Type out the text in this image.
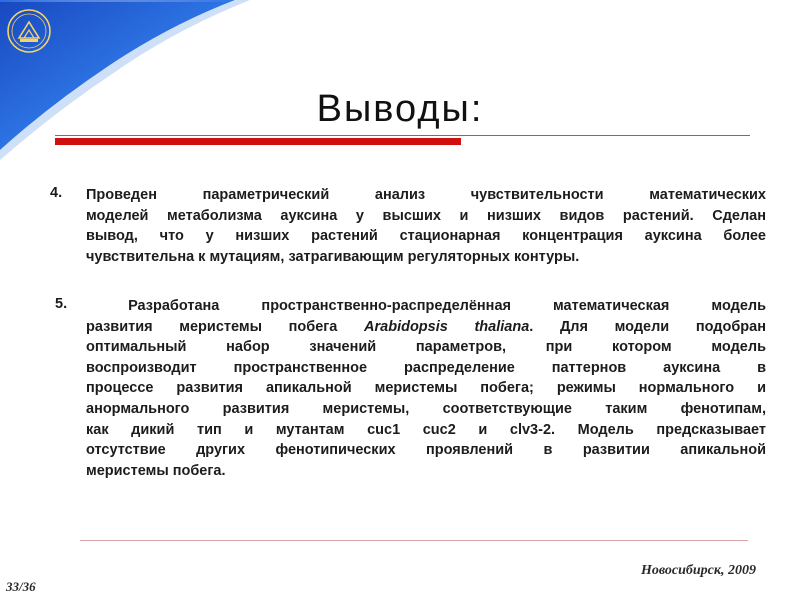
Выводы:
4. Проведен параметрический анализ чувствительности математических
моделей метаболизма ауксина у высших и низших видов растений. Сделан
вывод, что у низших растений стационарная концентрация ауксина более
чувствительна к мутациям, затрагивающим регуляторных контуры.
5.	Разработана пространственно-распределённая математическая модель
развития меристемы побега Arabidopsis thaliana. Для модели подобран
оптимальный набор значений параметров, при котором модель
воспроизводит пространственное распределение паттернов ауксина в
процессе развития апикальной меристемы побега; режимы нормального и
анормального развития меристемы, соответствующие таким фенотипам,
как дикий тип и мутантам cuc1 cuc2 и clv3-2. Модель предсказывает
отсутствие других фенотипических проявлений в развитии апикальной
меристемы побега.
Новосибирск, 2009
33/36
